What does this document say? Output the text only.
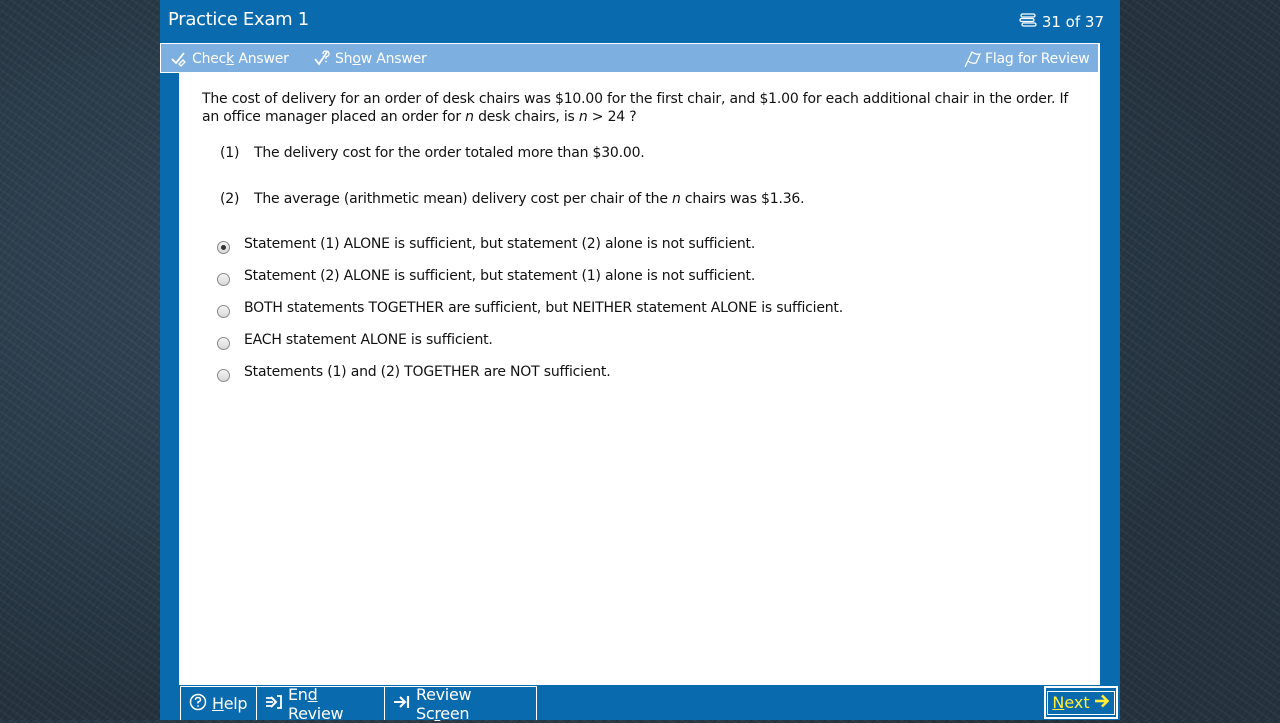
Practice Exam 1	31 of 37
Check Answer	Show Answer	Flag for Review
The cost of delivery for an order of desk chairs was $10.00 for the first chair, and $1.00 for each additional chair in the order. If an office manager placed an order for n desk chairs, is n > 24 ?
(1)	The delivery cost for the order totaled more than $30.00.
(2)	The average (arithmetic mean) delivery cost per chair of the n chairs was $1.36.
Statement (1) ALONE is sufficient, but statement (2) alone is not sufficient.
Statement (2) ALONE is sufficient, but statement (1) alone is not sufficient.
BOTH statements TOGETHER are sufficient, but NEITHER statement ALONE is sufficient.
EACH statement ALONE is sufficient.
Statements (1) and (2) TOGETHER are NOT sufficient.
Help	End Review
Review Screen
Next
